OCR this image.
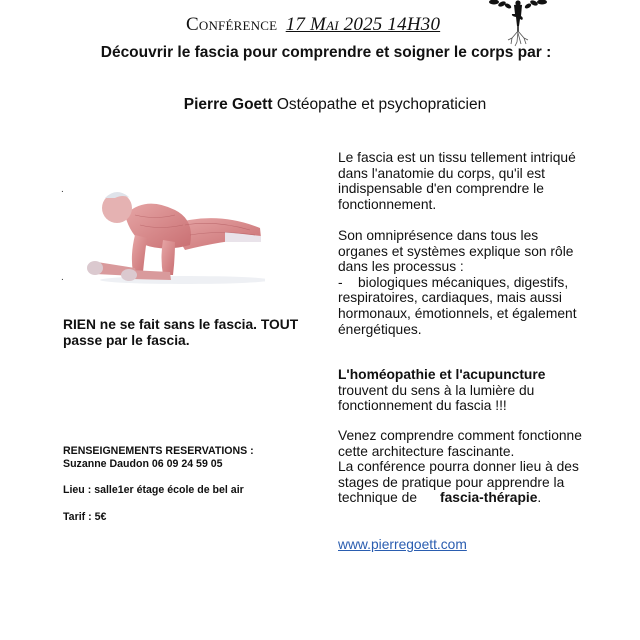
Conférence 17 Mai 2025 14H30
Découvrir le fascia pour comprendre et soigner le corps par :
Pierre Goett Ostéopathe et psychopraticien
.
.
RIEN ne se fait sans le fascia. TOUT passe par le fascia.
RENSEIGNEMENTS RESERVATIONS :
Suzanne Daudon 06 09 24 59 05
Lieu : salle1er étage école de bel air
Tarif : 5€
Le fascia est un tissu tellement intriqué dans l'anatomie du corps, qu'il est indispensable d'en comprendre le fonctionnement.
Son omniprésence dans tous les organes et systèmes explique son rôle dans les processus :
- biologiques mécaniques, digestifs, respiratoires, cardiaques, mais aussi hormonaux, émotionnels, et également énergétiques.
L'homéopathie et l'acupuncture
trouvent du sens à la lumière du fonctionnement du fascia !!!
Venez comprendre comment fonctionne cette architecture fascinante.
La conférence pourra donner lieu à des stages de pratique pour apprendre la technique de fascia-thérapie.
www.pierregoett.com
